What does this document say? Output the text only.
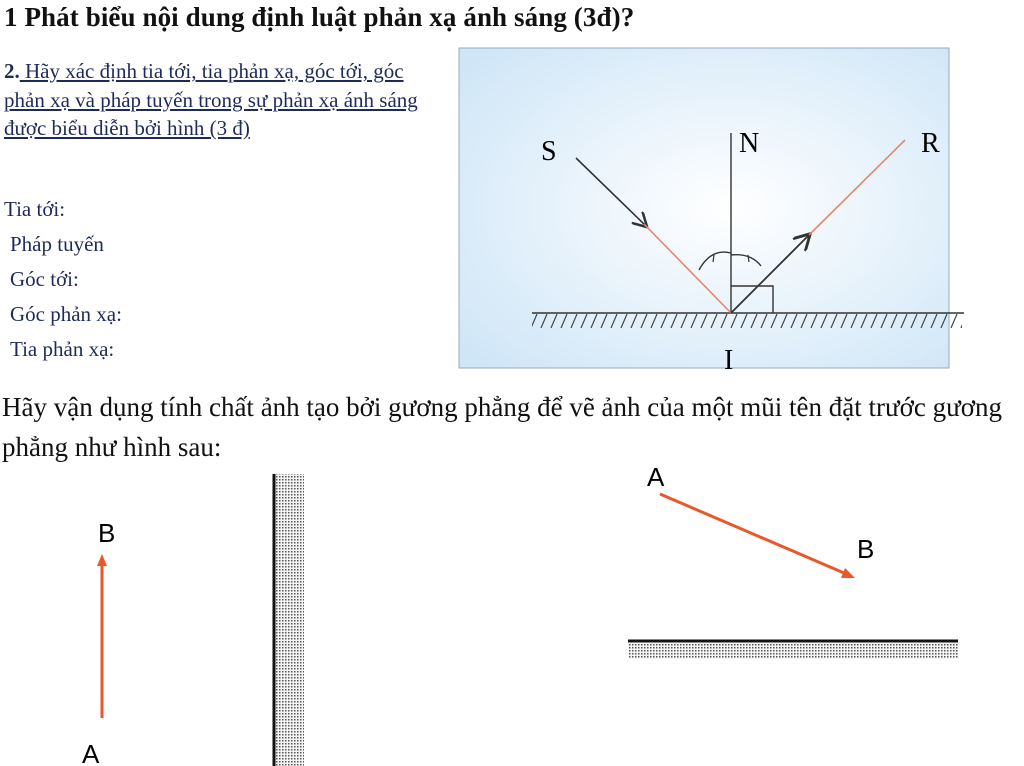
1 Phát biểu nội dung định luật phản xạ ánh sáng (3đ)?

2. Hãy xác định tia tới, tia phản xạ, góc tới, góc phản xạ và pháp tuyến trong sự phản xạ ánh sáng được biểu diễn bởi hình (3 đ)
Tia tới:
Pháp tuyến
Góc tới:
Góc phản xạ:
Tia phản xạ:
S	N	R
I

Hãy vận dụng tính chất ảnh tạo bởi gương phẳng để vẽ ảnh của một mũi tên đặt trước gương phẳng như hình sau:

B
A
A
B
